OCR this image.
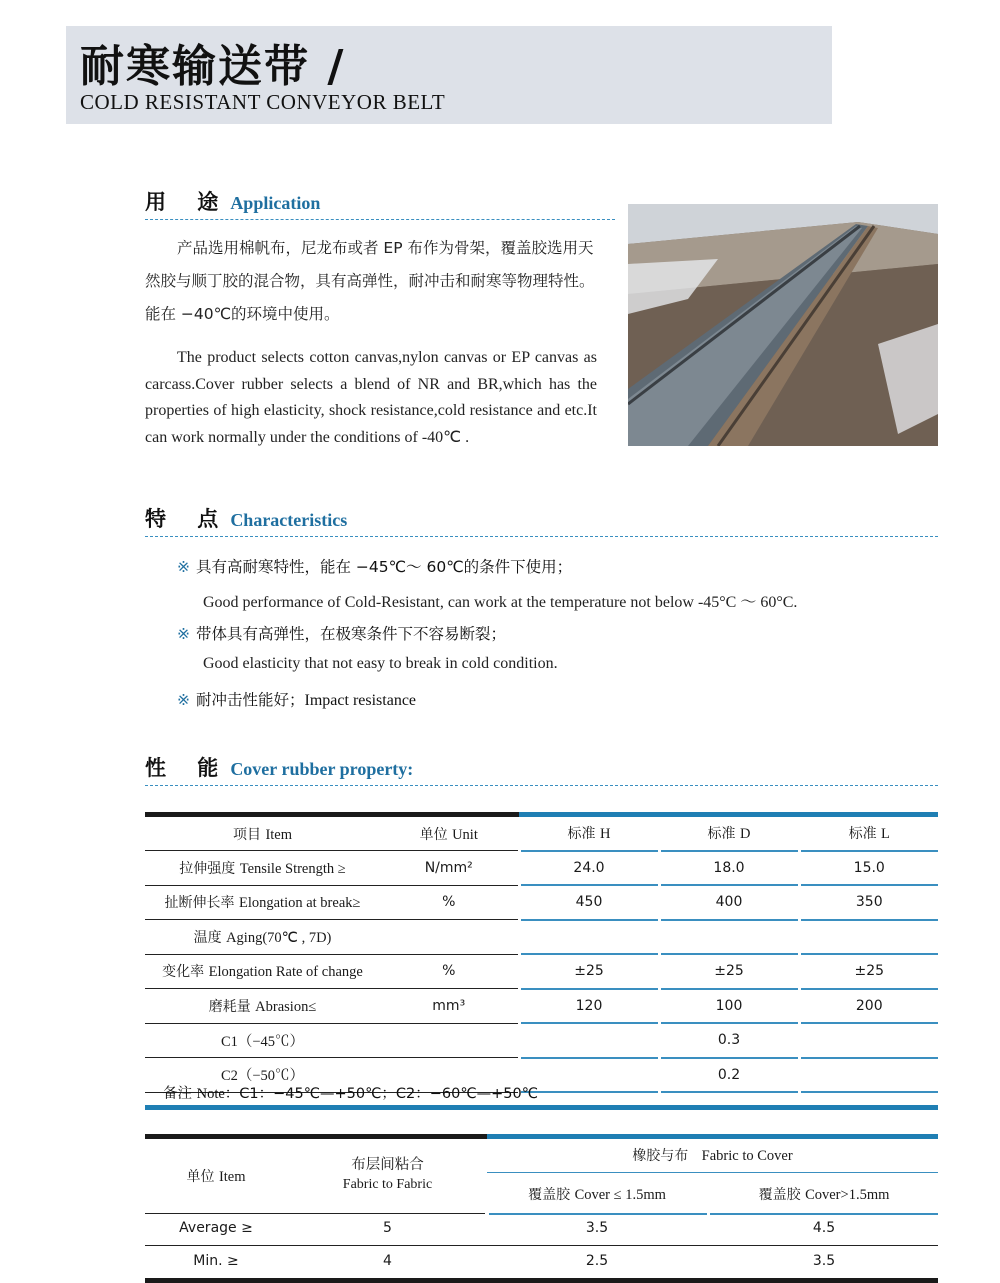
耐寒输送带 /
COLD RESISTANT CONVEYOR BELT
用 途 Application
产品选用棉帆布，尼龙布或者 EP 布作为骨架，覆盖胶选用天然胶与顺丁胶的混合物，具有高弹性，耐冲击和耐寒等物理特性。能在 −40℃的环境中使用。
The product selects cotton canvas,nylon canvas or EP canvas as carcass.Cover rubber selects a blend of NR and BR,which has the properties of high elasticity, shock resistance,cold resistance and etc.It can work normally under the conditions of -40℃ .
特 点 Characteristics
※ 具有高耐寒特性，能在 −45℃～ 60℃的条件下使用；
Good performance of Cold-Resistant, can work at the temperature not below -45°C ～ 60°C.
※ 带体具有高弹性，在极寒条件下不容易断裂；
Good elasticity that not easy to break in cold condition.
※ 耐冲击性能好；Impact resistance
性 能 Cover rubber property:
项目 Item	单位 Unit	标准 H	标准 D	标准 L
拉伸强度 Tensile Strength ≥	N/mm²	24.0	18.0	15.0
扯断伸长率 Elongation at break≥	%	450	400	350
温度 Aging(70℃ , 7D)				
变化率 Elongation Rate of change	%	±25	±25	±25
磨耗量 Abrasion≤	mm³	120	100	200
C1（−45℃）			0.3	
C2（−50℃）			0.2	
备注 Note：C1：−45℃—+50℃；C2：−60℃—+50℃
单位 Item
布层间粘合
Fabric to Fabric
橡胶与布 Fabric to Cover
覆盖胶 Cover ≤ 1.5mm	覆盖胶 Cover>1.5mm
Average ≥	5	3.5	4.5
Min. ≥	4	2.5	3.5
